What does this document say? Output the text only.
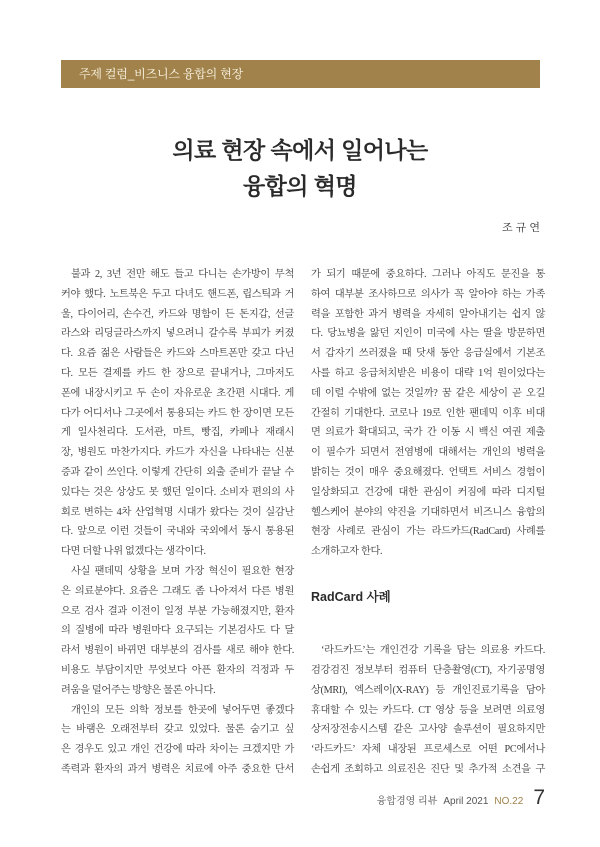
주제 컬럼_비즈니스 융합의 현장
의료 현장 속에서 일어나는
융합의 혁명
조 규 연
불과 2, 3년 전만 해도 들고 다니는 손가방이 무척
커야 했다. 노트북은 두고 다녀도 핸드폰, 립스틱과 거
울, 다이어리, 손수건, 카드와 명함이 든 돈지갑, 선글
라스와 리딩글라스까지 넣으려니 갈수록 부피가 커졌
다. 요즘 젊은 사람들은 카드와 스마트폰만 갖고 다닌
다. 모든 결제를 카드 한 장으로 끝내거나, 그마저도
폰에 내장시키고 두 손이 자유로운 초간편 시대다. 게
다가 어디서나 그곳에서 통용되는 카드 한 장이면 모든
게 일사천리다. 도서관, 마트, 빵집, 카페나 재래시
장, 병원도 마찬가지다. 카드가 자신을 나타내는 신분
증과 같이 쓰인다. 이렇게 간단히 외출 준비가 끝날 수
있다는 것은 상상도 못 했던 일이다. 소비자 편의의 사
회로 변하는 4차 산업혁명 시대가 왔다는 것이 실감난
다. 앞으로 이런 것들이 국내와 국외에서 동시 통용된
다면 더할 나위 없겠다는 생각이다.
사실 팬데믹 상황을 보며 가장 혁신이 필요한 현장
은 의료분야다. 요즘은 그래도 좀 나아져서 다른 병원
으로 검사 결과 이전이 일정 부분 가능해졌지만, 환자
의 질병에 따라 병원마다 요구되는 기본검사도 다 달
라서 병원이 바뀌면 대부분의 검사를 새로 해야 한다.
비용도 부담이지만 무엇보다 아픈 환자의 걱정과 두
려움을 덜어주는 방향은 물론 아니다.
개인의 모든 의학 정보를 한곳에 넣어두면 좋겠다
는 바램은 오래전부터 갖고 있었다. 물론 숨기고 싶
은 경우도 있고 개인 건강에 따라 차이는 크겠지만 가
족력과 환자의 과거 병력은 치료에 아주 중요한 단서
가 되기 때문에 중요하다. 그러나 아직도 문진을 통
하여 대부분 조사하므로 의사가 꼭 알아야 하는 가족
력을 포함한 과거 병력을 자세히 알아내기는 쉽지 않
다. 당뇨병을 앓던 지인이 미국에 사는 딸을 방문하면
서 갑자기 쓰러졌을 때 닷새 동안 응급실에서 기본조
사를 하고 응급처치받은 비용이 대략 1억 원이었다는
데 이럴 수밖에 없는 것일까? 꿈 같은 세상이 곧 오길
간절히 기대한다. 코로나 19로 인한 팬데믹 이후 비대
면 의료가 확대되고, 국가 간 이동 시 백신 여권 제출
이 필수가 되면서 전염병에 대해서는 개인의 병력을
밝히는 것이 매우 중요해졌다. 언택트 서비스 경험이
일상화되고 건강에 대한 관심이 커짐에 따라 디지털
헬스케어 분야의 약진을 기대하면서 비즈니스 융합의
현장 사례로 관심이 가는 라드카드(RadCard) 사례를
소개하고자 한다.
RadCard 사례
‘라드카드’는 개인건강 기록을 담는 의료용 카드다.
검강검진 정보부터 컴퓨터 단층촬영(CT), 자기공명영
상(MRI), 엑스레이(X-RAY) 등 개인진료기록을 담아
휴대할 수 있는 카드다. CT 영상 등을 보려면 의료영
상저장전송시스템 같은 고사양 솔루션이 필요하지만
‘라드카드’ 자체 내장된 프로세스로 어떤 PC에서나
손쉽게 조회하고 의료진은 진단 및 추가적 소견을 구
융합경영 리뷰 April 2021 NO.22 7
